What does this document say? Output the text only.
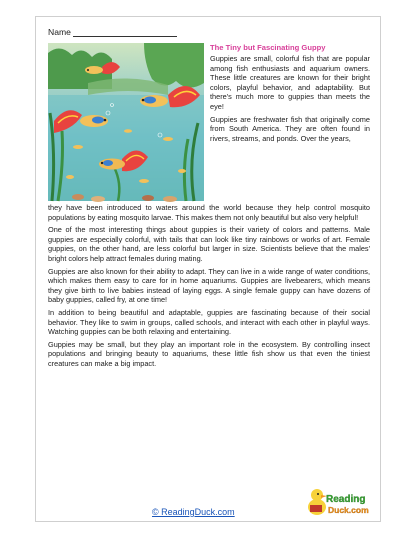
Name
The Tiny but Fascinating Guppy

Guppies are small, colorful fish that are popular among fish enthusiasts and aquarium owners. These little creatures are known for their bright colors, playful behavior, and adaptability. But there's much more to guppies than meets the eye!

Guppies are freshwater fish that originally come from South America. They are often found in rivers, streams, and ponds. Over the years,

they have been introduced to waters around the world because they help control mosquito populations by eating mosquito larvae. This makes them not only beautiful but also very helpful!

One of the most interesting things about guppies is their variety of colors and patterns. Male guppies are especially colorful, with tails that can look like tiny rainbows or works of art. Female guppies, on the other hand, are less colorful but larger in size. Scientists believe that the males' bright colors help attract females during mating.

Guppies are also known for their ability to adapt. They can live in a wide range of water conditions, which makes them easy to care for in home aquariums. Guppies are livebearers, which means they give birth to live babies instead of laying eggs. A single female guppy can have dozens of baby guppies, called fry, at one time!

In addition to being beautiful and adaptable, guppies are fascinating because of their social behavior. They like to swim in groups, called schools, and interact with each other in playful ways. Watching guppies can be both relaxing and entertaining.

Guppies may be small, but they play an important role in the ecosystem. By controlling insect populations and bringing beauty to aquariums, these little fish show us that even the tiniest creatures can make a big impact.

© ReadingDuck.com
Reading
Duck.com
